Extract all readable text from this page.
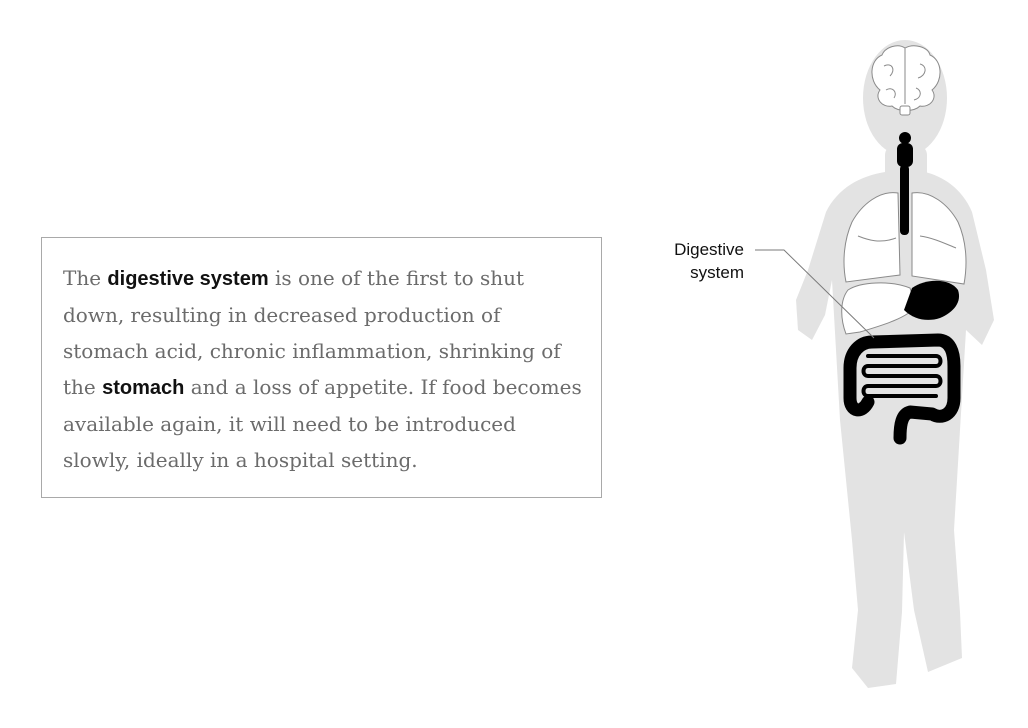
The digestive system is one of the first to shut down, resulting in decreased production of stomach acid, chronic inflammation, shrinking of the stomach and a loss of appetite. If food becomes available again, it will need to be introduced slowly, ideally in a hospital setting.

Digestive
system
